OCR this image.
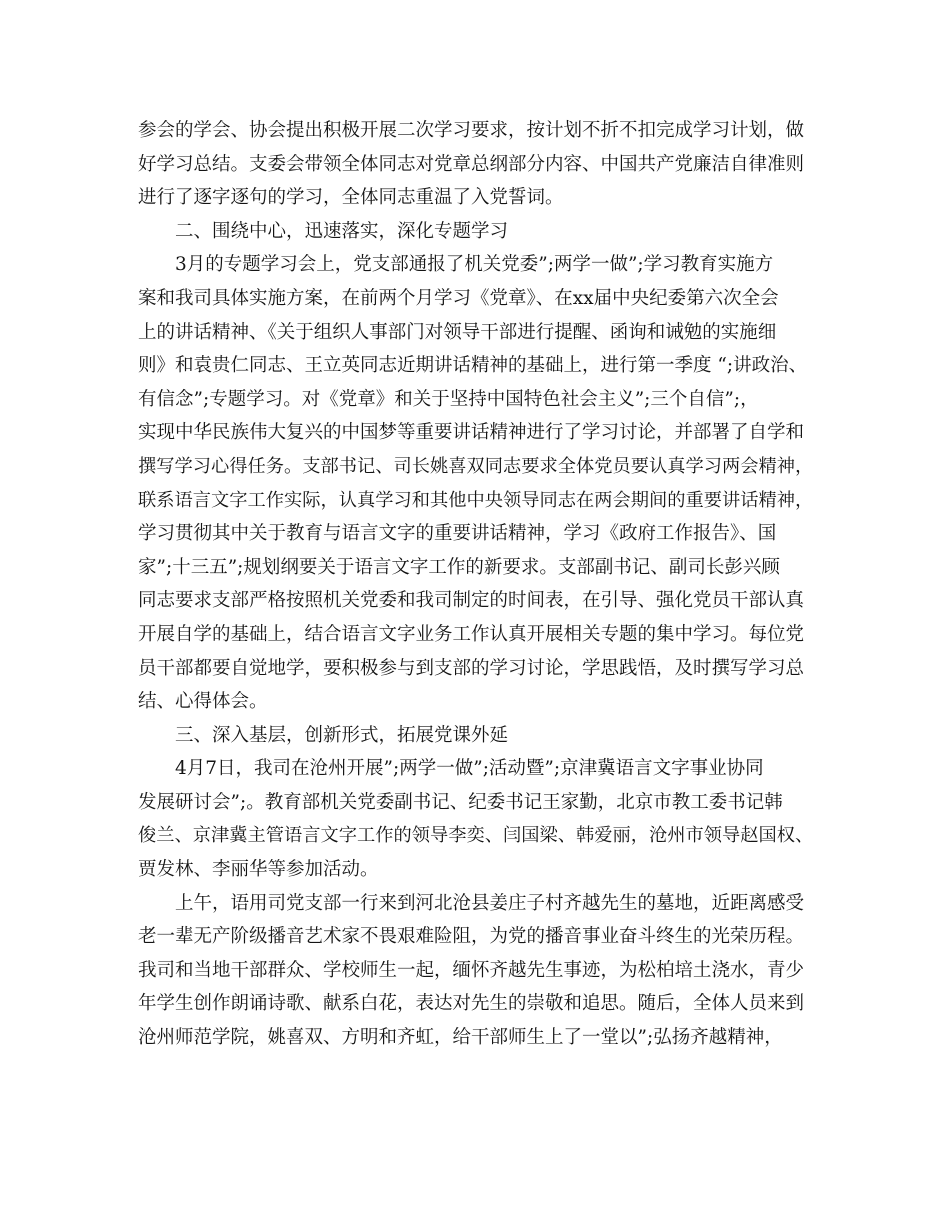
参会的学会、协会提出积极开展二次学习要求，按计划不折不扣完成学习计划，做
好学习总结。支委会带领全体同志对党章总纲部分内容、中国共产党廉洁自律准则
进行了逐字逐句的学习，全体同志重温了入党誓词。
二、围绕中心，迅速落实，深化专题学习
3月的专题学习会上，党支部通报了机关党委”;两学一做”;学习教育实施方
案和我司具体实施方案，在前两个月学习《党章》、在xx届中央纪委第六次全会
上的讲话精神、《关于组织人事部门对领导干部进行提醒、函询和诫勉的实施细
则》和袁贵仁同志、王立英同志近期讲话精神的基础上，进行第一季度 “;讲政治、
有信念”;专题学习。对《党章》和关于坚持中国特色社会主义”;三个自信”;，
实现中华民族伟大复兴的中国梦等重要讲话精神进行了学习讨论，并部署了自学和
撰写学习心得任务。支部书记、司长姚喜双同志要求全体党员要认真学习两会精神，
联系语言文字工作实际，认真学习和其他中央领导同志在两会期间的重要讲话精神，
学习贯彻其中关于教育与语言文字的重要讲话精神，学习《政府工作报告》、国
家”;十三五”;规划纲要关于语言文字工作的新要求。支部副书记、副司长彭兴顾
同志要求支部严格按照机关党委和我司制定的时间表，在引导、强化党员干部认真
开展自学的基础上，结合语言文字业务工作认真开展相关专题的集中学习。每位党
员干部都要自觉地学，要积极参与到支部的学习讨论，学思践悟，及时撰写学习总
结、心得体会。
三、深入基层，创新形式，拓展党课外延
4月7日，我司在沧州开展”;两学一做”;活动暨”;京津冀语言文字事业协同
发展研讨会”;。教育部机关党委副书记、纪委书记王家勤，北京市教工委书记韩
俊兰、京津冀主管语言文字工作的领导李奕、闫国梁、韩爱丽，沧州市领导赵国权、
贾发林、李丽华等参加活动。
上午，语用司党支部一行来到河北沧县姜庄子村齐越先生的墓地，近距离感受
老一辈无产阶级播音艺术家不畏艰难险阻，为党的播音事业奋斗终生的光荣历程。
我司和当地干部群众、学校师生一起，缅怀齐越先生事迹，为松柏培土浇水，青少
年学生创作朗诵诗歌、献系白花，表达对先生的崇敬和追思。随后，全体人员来到
沧州师范学院，姚喜双、方明和齐虹，给干部师生上了一堂以”;弘扬齐越精神，
